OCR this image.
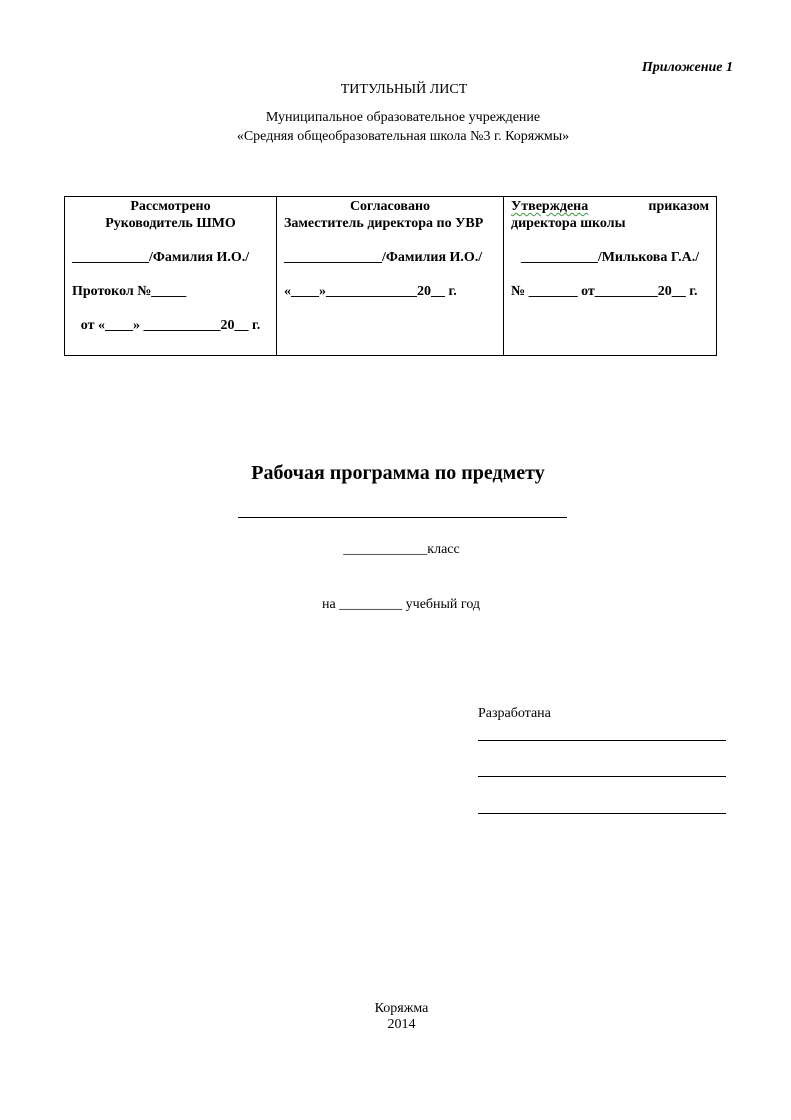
Приложение 1
ТИТУЛЬНЫЙ ЛИСТ
Муниципальное образовательное учреждение
«Средняя общеобразовательная школа №3 г. Коряжмы»
Рассмотрено
Руководитель ШМО
___________/Фамилия И.О./
Протокол №_____
от «____» ___________20__ г.

Согласовано
Заместитель директора по УВР
______________/Фамилия И.О./
«____»_____________20__ г.

Утверждена	приказом
директора школы
___________/Милькова Г.А./
№ _______ от_________20__ г.
Рабочая программа по предмету
____________класс
на _________ учебный год
Разработана
Коряжма
2014
